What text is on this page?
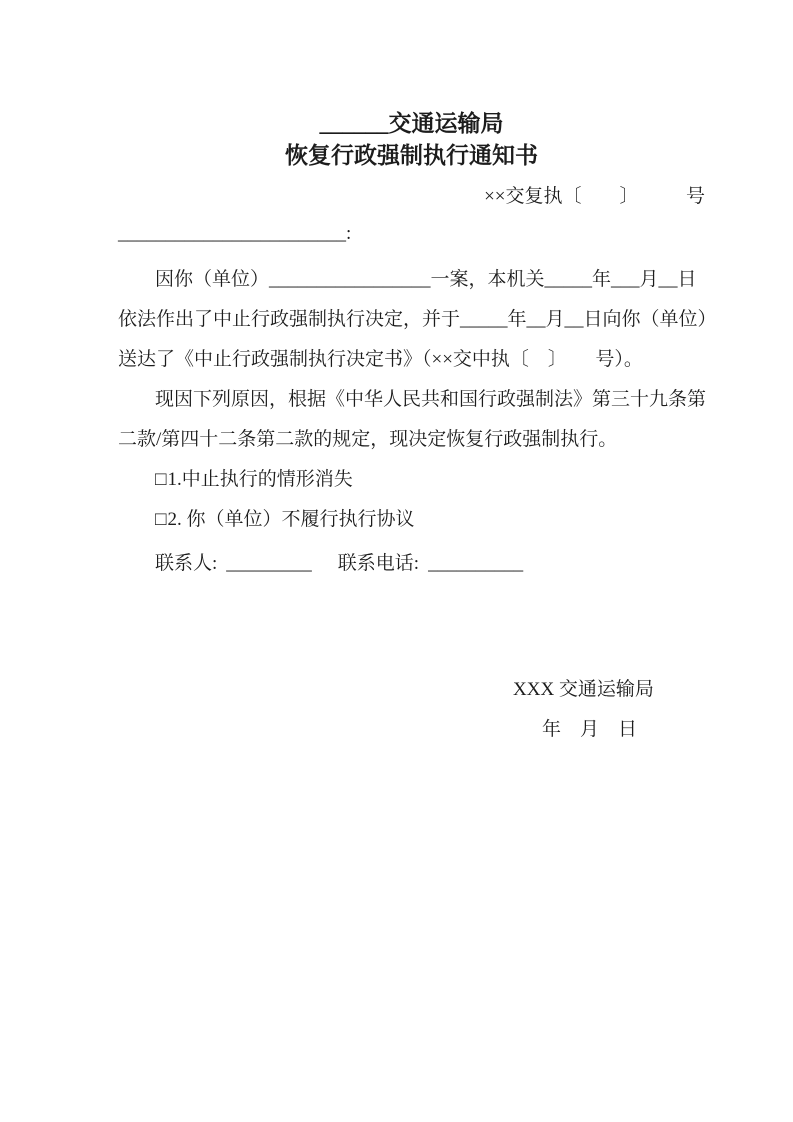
______交通运输局
恢复行政强制执行通知书
××交复执〔　　〕　　　号
________________________:
因你（单位）_________________一案，本机关_____年___月__日
依法作出了中止行政强制执行决定，并于_____年__月__日向你（单位）
送达了《中止行政强制执行决定书》（××交中执〔　〕　　号）。
现因下列原因，根据《中华人民共和国行政强制法》第三十九条第
二款/第四十二条第二款的规定，现决定恢复行政强制执行。
□1.中止执行的情形消失
□2. 你（单位）不履行执行协议
联系人: _________ 联系电话: __________
XXX 交通运输局
年　月　日
